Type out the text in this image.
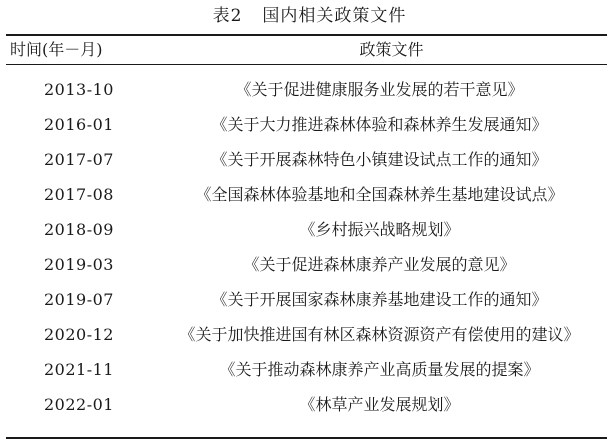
表2 国内相关政策文件
时间(年－月)	政策文件
2013-10	《关于促进健康服务业发展的若干意见》
2016-01	《关于大力推进森林体验和森林养生发展通知》
2017-07	《关于开展森林特色小镇建设试点工作的通知》
2017-08	《全国森林体验基地和全国森林养生基地建设试点》
2018-09	《乡村振兴战略规划》
2019-03	《关于促进森林康养产业发展的意见》
2019-07	《关于开展国家森林康养基地建设工作的通知》
2020-12	《关于加快推进国有林区森林资源资产有偿使用的建议》
2021-11	《关于推动森林康养产业高质量发展的提案》
2022-01	《林草产业发展规划》
